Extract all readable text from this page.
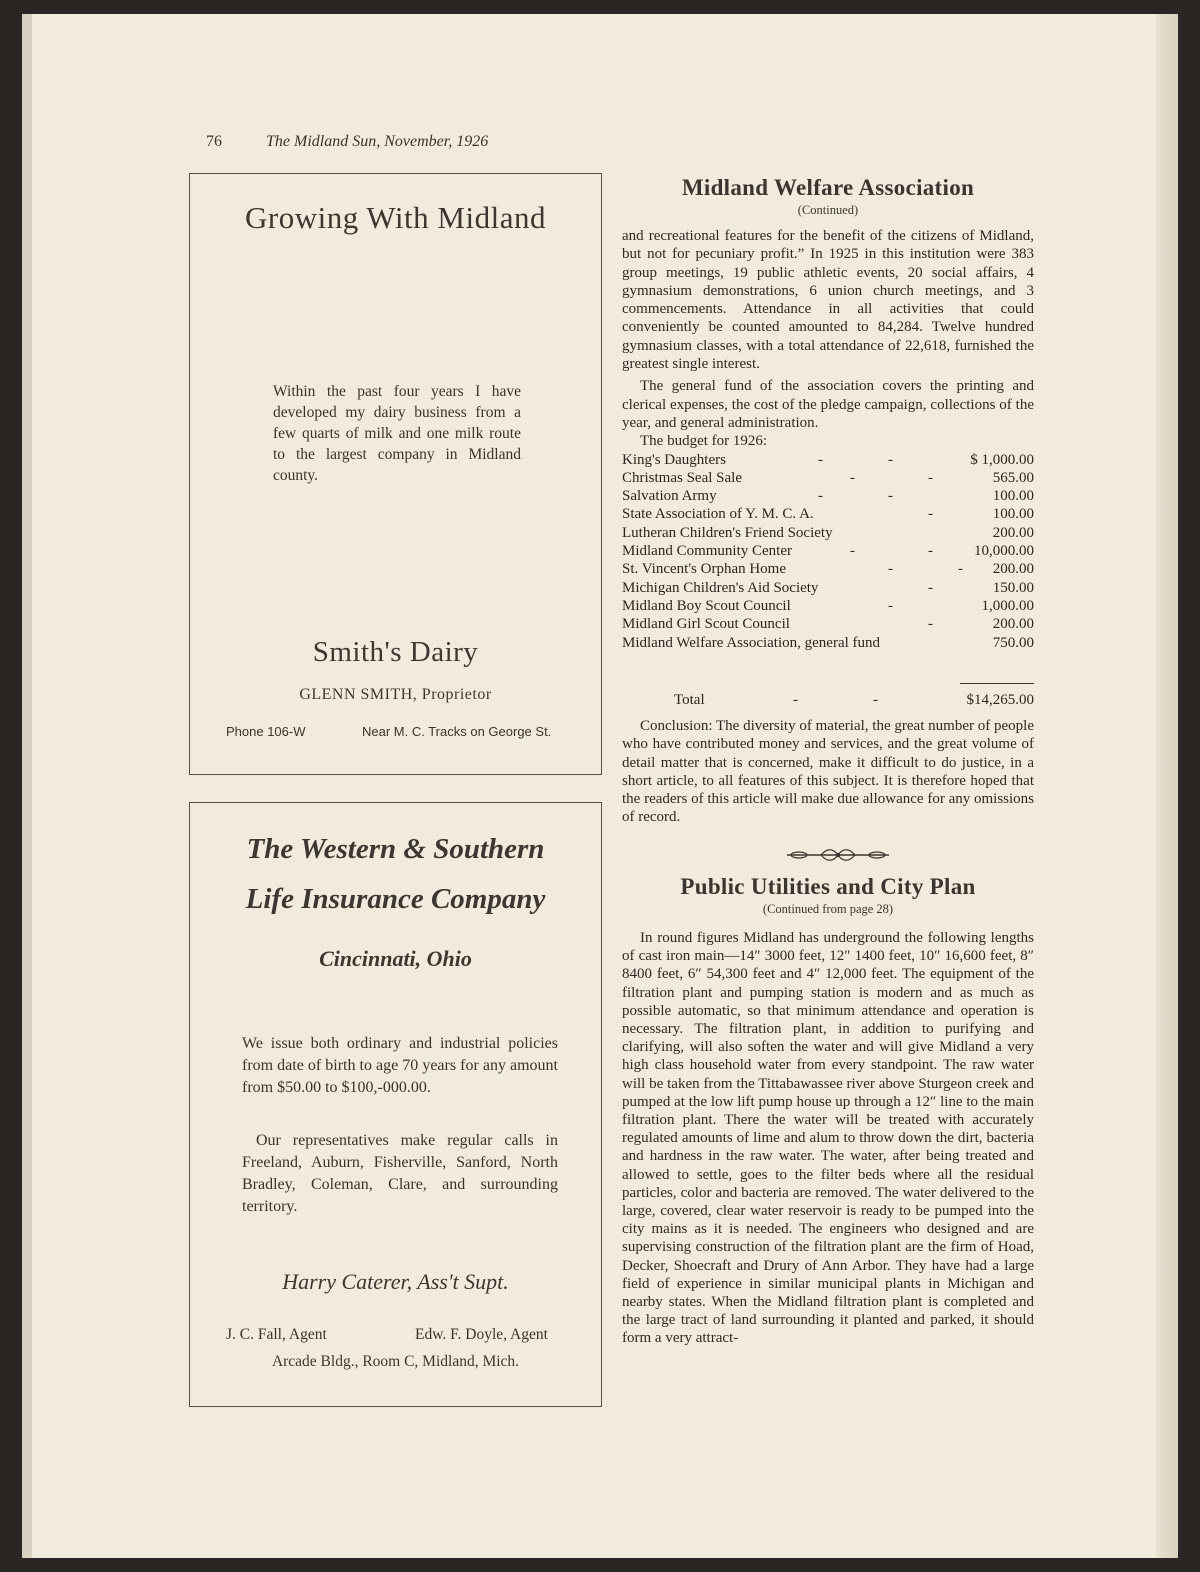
76	The Midland Sun, November, 1926
Growing With Midland
Within the past four years I have developed my dairy business from a few quarts of milk and one milk route to the largest company in Midland county.
Smith's Dairy
GLENN SMITH, Proprietor
Phone 106-W	Near M. C. Tracks on George St.
The Western & Southern
Life Insurance Company
Cincinnati, Ohio
We issue both ordinary and industrial policies from date of birth to age 70 years for any amount from $50.00 to $100,-000.00.
Our representatives make regular calls in Freeland, Auburn, Fisherville, Sanford, North Bradley, Coleman, Clare, and surrounding territory.
Harry Caterer, Ass't Supt.
J. C. Fall, Agent	Edw. F. Doyle, Agent
Arcade Bldg., Room C, Midland, Mich.
Midland Welfare Association
(Continued)

and recreational features for the benefit of the citizens of Midland, but not for pecuniary profit.” In 1925 in this institution were 383 group meetings, 19 public athletic events, 20 social affairs, 4 gymnasium demonstrations, 6 union church meetings, and 3 commencements. Attendance in all activities that could conveniently be counted amounted to 84,284. Twelve hundred gymnasium classes, with a total attendance of 22,618, furnished the greatest single interest.

The general fund of the association covers the printing and clerical expenses, the cost of the pledge campaign, collections of the year, and general administration.

The budget for 1926:

King's Daughters	-	-	$ 1,000.00
Christmas Seal Sale	-	-	565.00
Salvation Army	-	-	100.00
State Association of Y. M. C. A.	-	100.00
Lutheran Children's Friend Society	200.00
Midland Community Center	-	-	10,000.00
St. Vincent's Orphan Home	-	- 200.00
Michigan Children's Aid Society	-	150.00
Midland Boy Scout Council	-	1,000.00
Midland Girl Scout Council	-	200.00
Midland Welfare Association, general fund	750.00
Total	-	-	$14,265.00

Conclusion: The diversity of material, the great number of people who have contributed money and services, and the great volume of detail matter that is concerned, make it difficult to do justice, in a short article, to all features of this subject. It is therefore hoped that the readers of this article will make due allowance for any omissions of record.

Public Utilities and City Plan
(Continued from page 28)

In round figures Midland has underground the following lengths of cast iron main—14″ 3000 feet, 12″ 1400 feet, 10″ 16,600 feet, 8″ 8400 feet, 6″ 54,300 feet and 4″ 12,000 feet. The equipment of the filtration plant and pumping station is modern and as much as possible automatic, so that minimum attendance and operation is necessary. The filtration plant, in addition to purifying and clarifying, will also soften the water and will give Midland a very high class household water from every standpoint. The raw water will be taken from the Tittabawassee river above Sturgeon creek and pumped at the low lift pump house up through a 12″ line to the main filtration plant. There the water will be treated with accurately regulated amounts of lime and alum to throw down the dirt, bacteria and hardness in the raw water. The water, after being treated and allowed to settle, goes to the filter beds where all the residual particles, color and bacteria are removed. The water delivered to the large, covered, clear water reservoir is ready to be pumped into the city mains as it is needed. The engineers who designed and are supervising construction of the filtration plant are the firm of Hoad, Decker, Shoecraft and Drury of Ann Arbor. They have had a large field of experience in similar municipal plants in Michigan and nearby states. When the Midland filtration plant is completed and the large tract of land surrounding it planted and parked, it should form a very attract-
